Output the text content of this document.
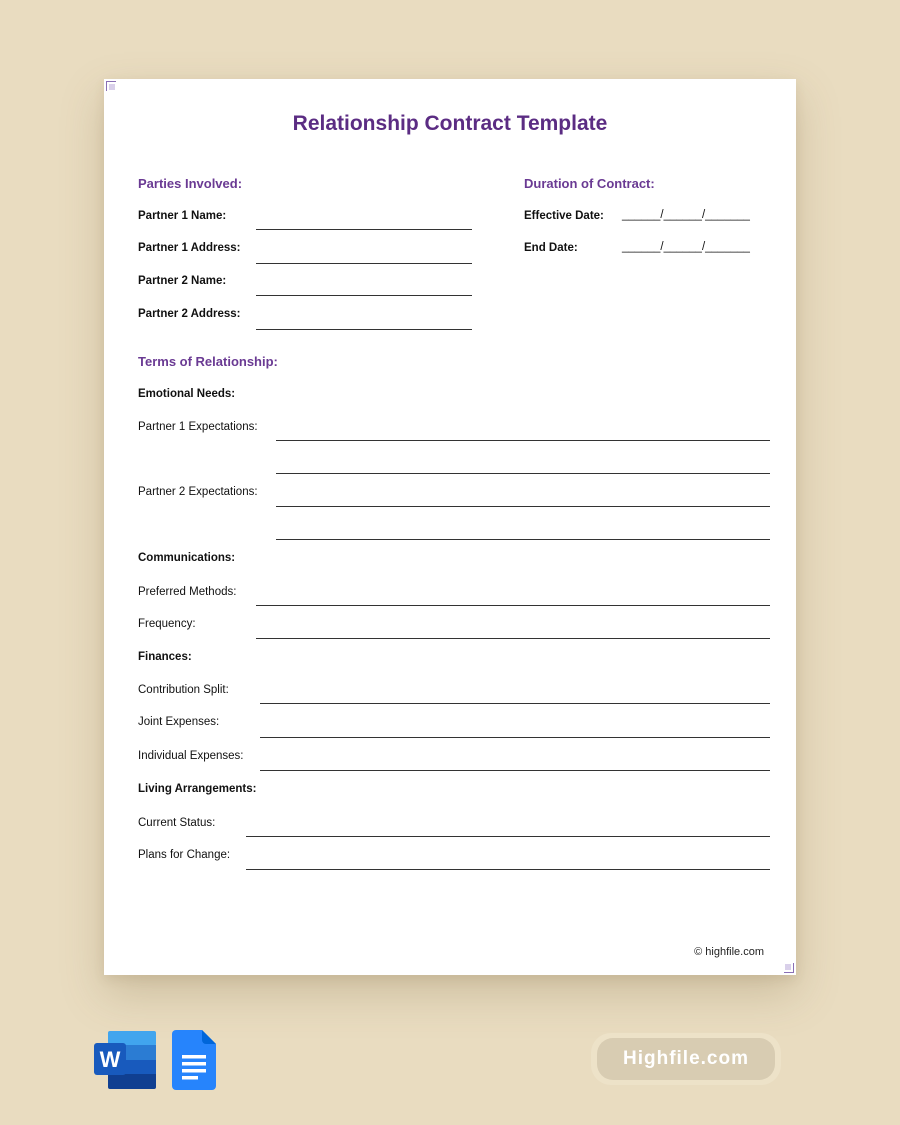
Relationship Contract Template
Parties Involved:
Partner 1 Name:
Partner 1 Address:
Partner 2 Name:
Partner 2 Address:
Duration of Contract:
Effective Date: ______/______/_______
End Date:	______/______/_______
Terms of Relationship:
Emotional Needs:
Partner 1 Expectations:
Partner 2 Expectations:
Communications:
Preferred Methods:
Frequency:
Finances:
Contribution Split:
Joint Expenses:
Individual Expenses:
Living Arrangements:
Current Status:
Plans for Change:
© highfile.com
W	Highfile.com
